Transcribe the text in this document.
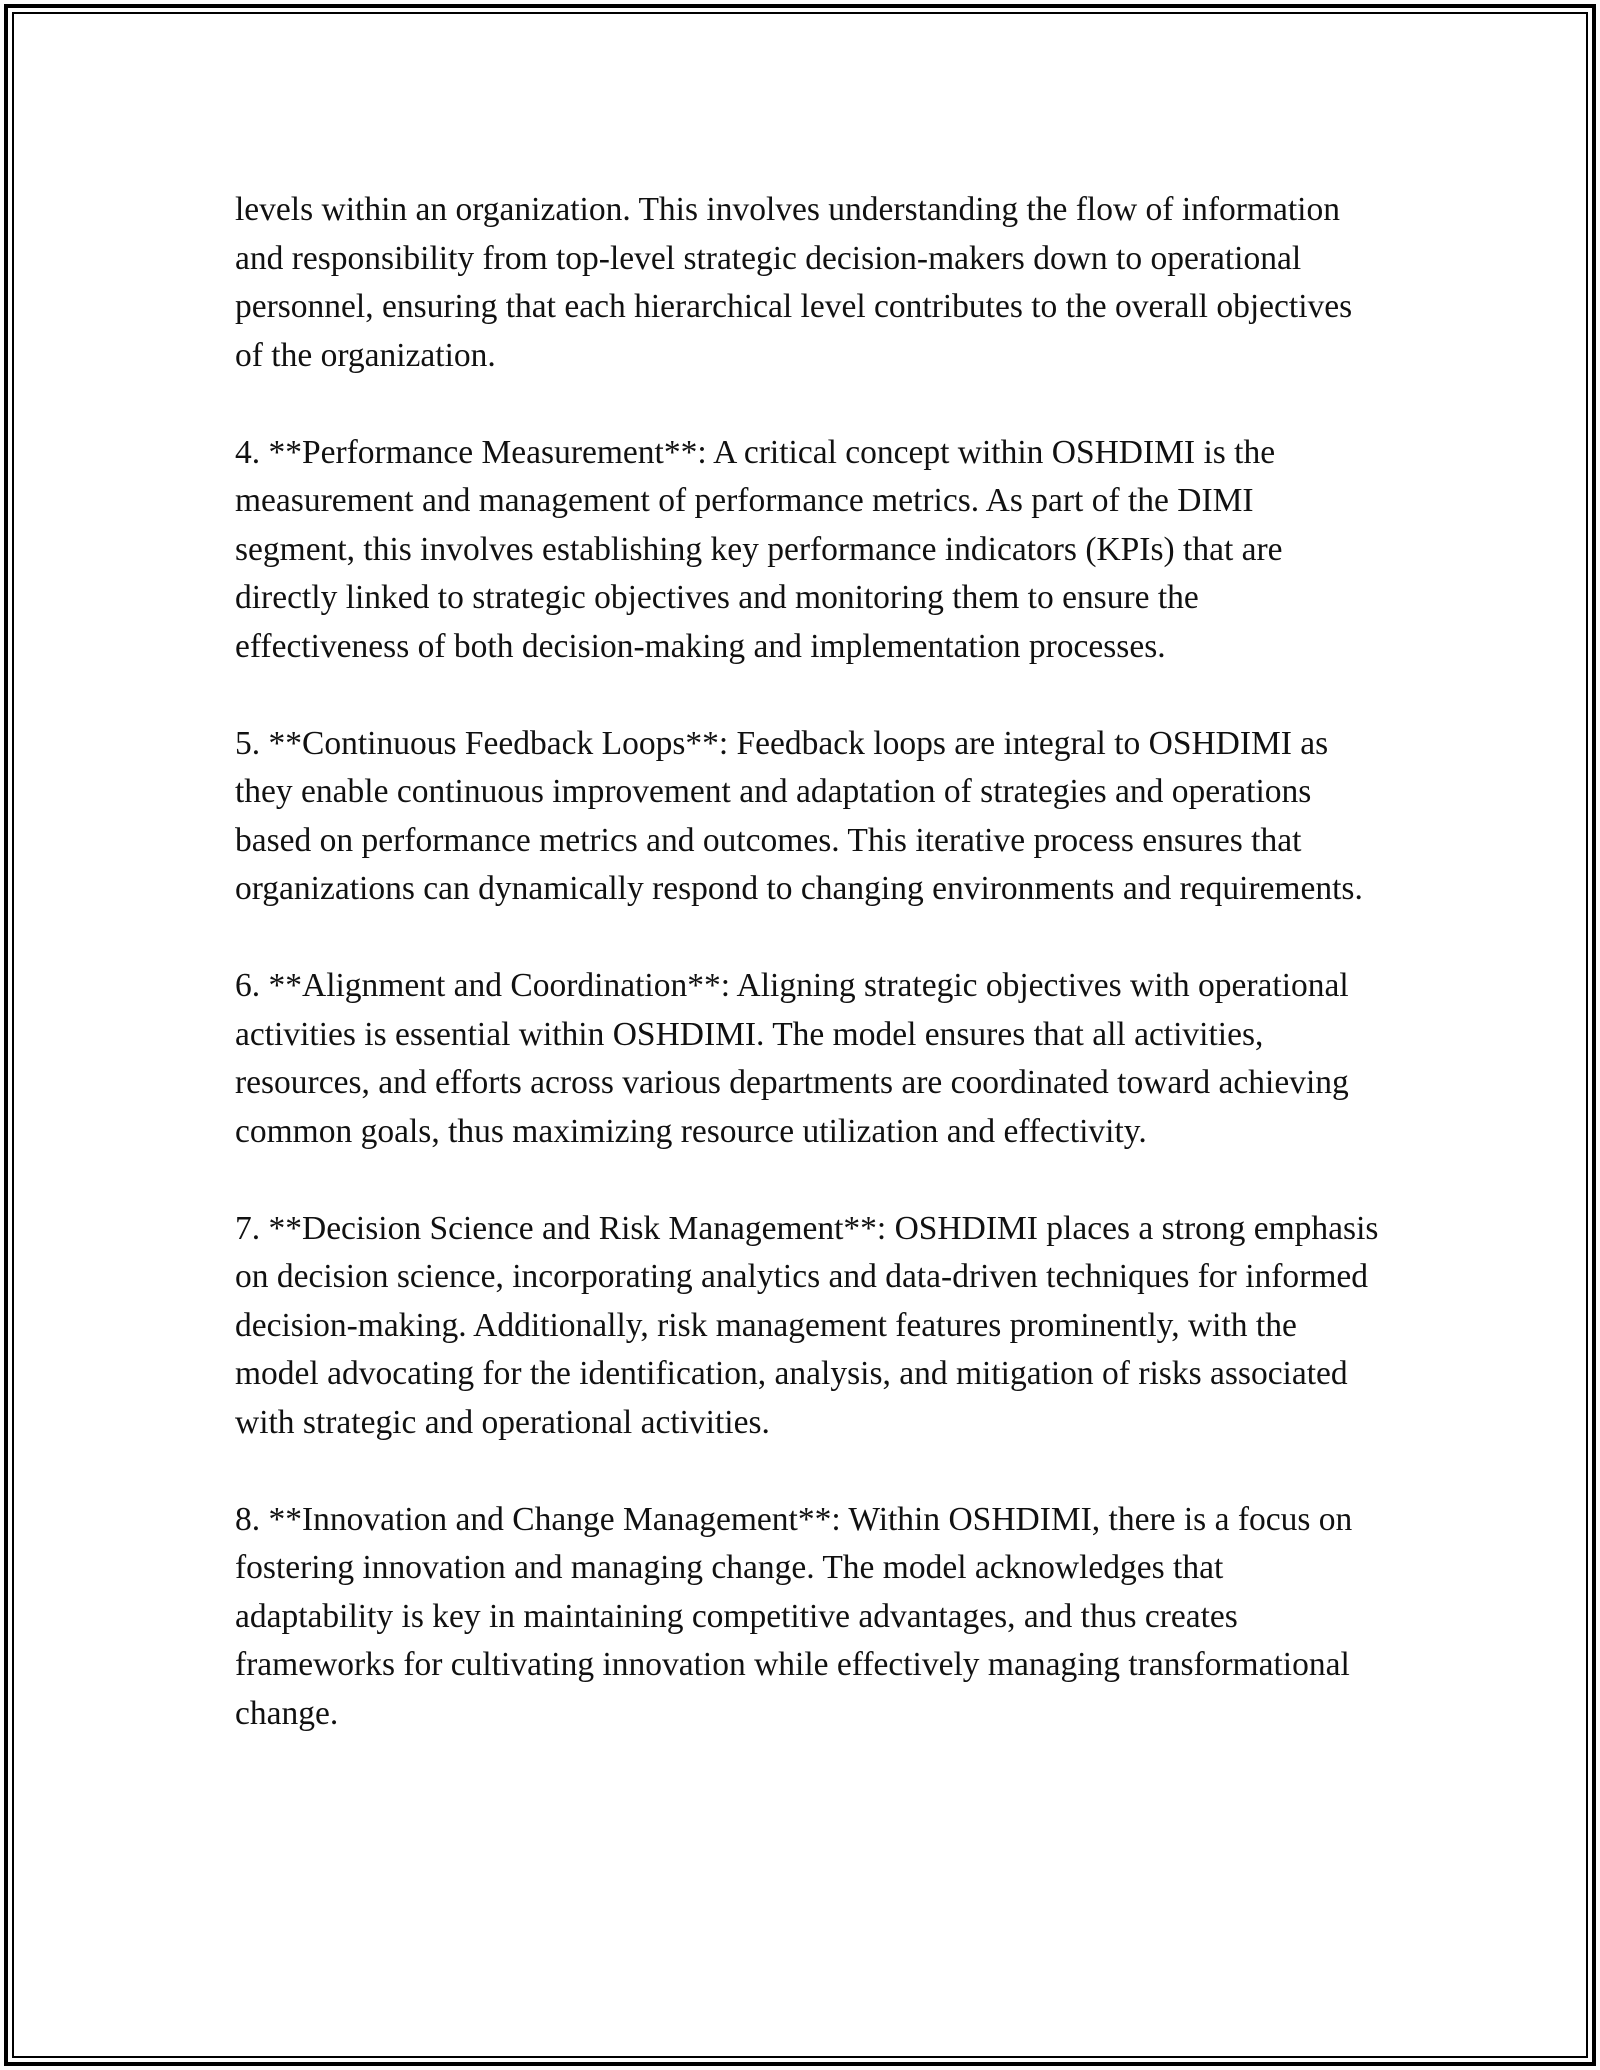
levels within an organization. This involves understanding the flow of information and responsibility from top-level strategic decision-makers down to operational personnel, ensuring that each hierarchical level contributes to the overall objectives of the organization.

4. **Performance Measurement**: A critical concept within OSHDIMI is the measurement and management of performance metrics. As part of the DIMI segment, this involves establishing key performance indicators (KPIs) that are directly linked to strategic objectives and monitoring them to ensure the effectiveness of both decision-making and implementation processes.

5. **Continuous Feedback Loops**: Feedback loops are integral to OSHDIMI as they enable continuous improvement and adaptation of strategies and operations based on performance metrics and outcomes. This iterative process ensures that organizations can dynamically respond to changing environments and requirements.

6. **Alignment and Coordination**: Aligning strategic objectives with operational activities is essential within OSHDIMI. The model ensures that all activities, resources, and efforts across various departments are coordinated toward achieving common goals, thus maximizing resource utilization and effectivity.

7. **Decision Science and Risk Management**: OSHDIMI places a strong emphasis on decision science, incorporating analytics and data-driven techniques for informed decision-making. Additionally, risk management features prominently, with the model advocating for the identification, analysis, and mitigation of risks associated with strategic and operational activities.

8. **Innovation and Change Management**: Within OSHDIMI, there is a focus on fostering innovation and managing change. The model acknowledges that adaptability is key in maintaining competitive advantages, and thus creates frameworks for cultivating innovation while effectively managing transformational change.
